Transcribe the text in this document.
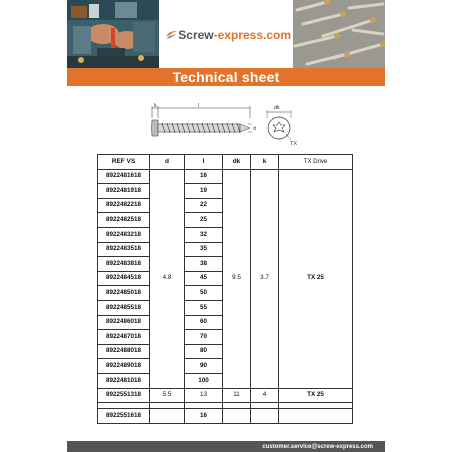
Screw-express.com
Technical sheet
k	l
d
dk
TX
REF VS	d	l	dk	k	TX Drive
8922481618	4.8	16	9.5	3.7	TX 25
8922481918		19			
8922482218		22			
8922482518		25			
8922483218		32			
8922483518		35			
8922483818		38			
8922484518		45			
8922485018		50			
8922485518		55			
8922486018		60			
8922487018		70			
8922488018		80			
8922489018		90			
8922481018		100			
8922551318	5.5	13	11	4	TX 25

8922551618		16			
customer.service@screw-express.com
